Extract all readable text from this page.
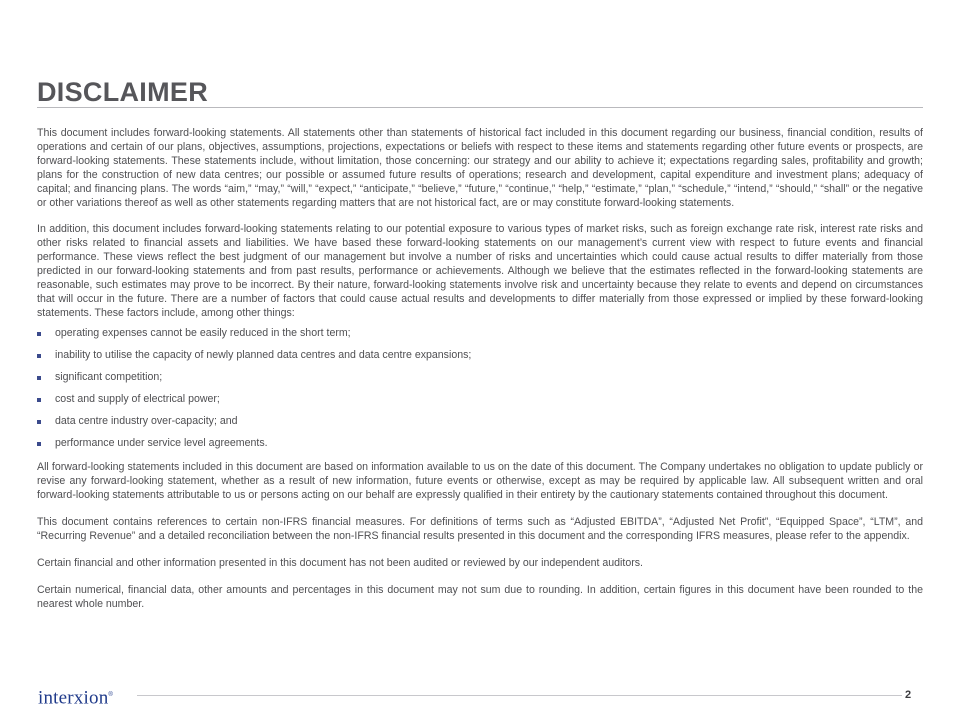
DISCLAIMER

This document includes forward-looking statements. All statements other than statements of historical fact included in this document regarding our business, financial condition, results of operations and certain of our plans, objectives, assumptions, projections, expectations or beliefs with respect to these items and statements regarding other future events or prospects, are forward-looking statements. These statements include, without limitation, those concerning: our strategy and our ability to achieve it; expectations regarding sales, profitability and growth; plans for the construction of new data centres; our possible or assumed future results of operations; research and development, capital expenditure and investment plans; adequacy of capital; and financing plans. The words “aim,” “may,” “will,” “expect,” “anticipate,” “believe,” “future,” “continue,” “help,” “estimate,” “plan,” “schedule,” “intend,” “should,” “shall” or the negative or other variations thereof as well as other statements regarding matters that are not historical fact, are or may constitute forward-looking statements.

In addition, this document includes forward-looking statements relating to our potential exposure to various types of market risks, such as foreign exchange rate risk, interest rate risks and other risks related to financial assets and liabilities. We have based these forward-looking statements on our management’s current view with respect to future events and financial performance. These views reflect the best judgment of our management but involve a number of risks and uncertainties which could cause actual results to differ materially from those predicted in our forward-looking statements and from past results, performance or achievements. Although we believe that the estimates reflected in the forward-looking statements are reasonable, such estimates may prove to be incorrect. By their nature, forward-looking statements involve risk and uncertainty because they relate to events and depend on circumstances that will occur in the future. There are a number of factors that could cause actual results and developments to differ materially from those expressed or implied by these forward-looking statements. These factors include, among other things:

operating expenses cannot be easily reduced in the short term;
inability to utilise the capacity of newly planned data centres and data centre expansions;
significant competition;
cost and supply of electrical power;
data centre industry over-capacity; and
performance under service level agreements.

All forward-looking statements included in this document are based on information available to us on the date of this document. The Company undertakes no obligation to update publicly or revise any forward-looking statement, whether as a result of new information, future events or otherwise, except as may be required by applicable law. All subsequent written and oral forward-looking statements attributable to us or persons acting on our behalf are expressly qualified in their entirety by the cautionary statements contained throughout this document.

This document contains references to certain non-IFRS financial measures. For definitions of terms such as “Adjusted EBITDA”, “Adjusted Net Profit”, “Equipped Space”, “LTM”, and “Recurring Revenue” and a detailed reconciliation between the non-IFRS financial results presented in this document and the corresponding IFRS measures, please refer to the appendix.

Certain financial and other information presented in this document has not been audited or reviewed by our independent auditors.

Certain numerical, financial data, other amounts and percentages in this document may not sum due to rounding. In addition, certain figures in this document have been rounded to the nearest whole number.

interxion®	2
